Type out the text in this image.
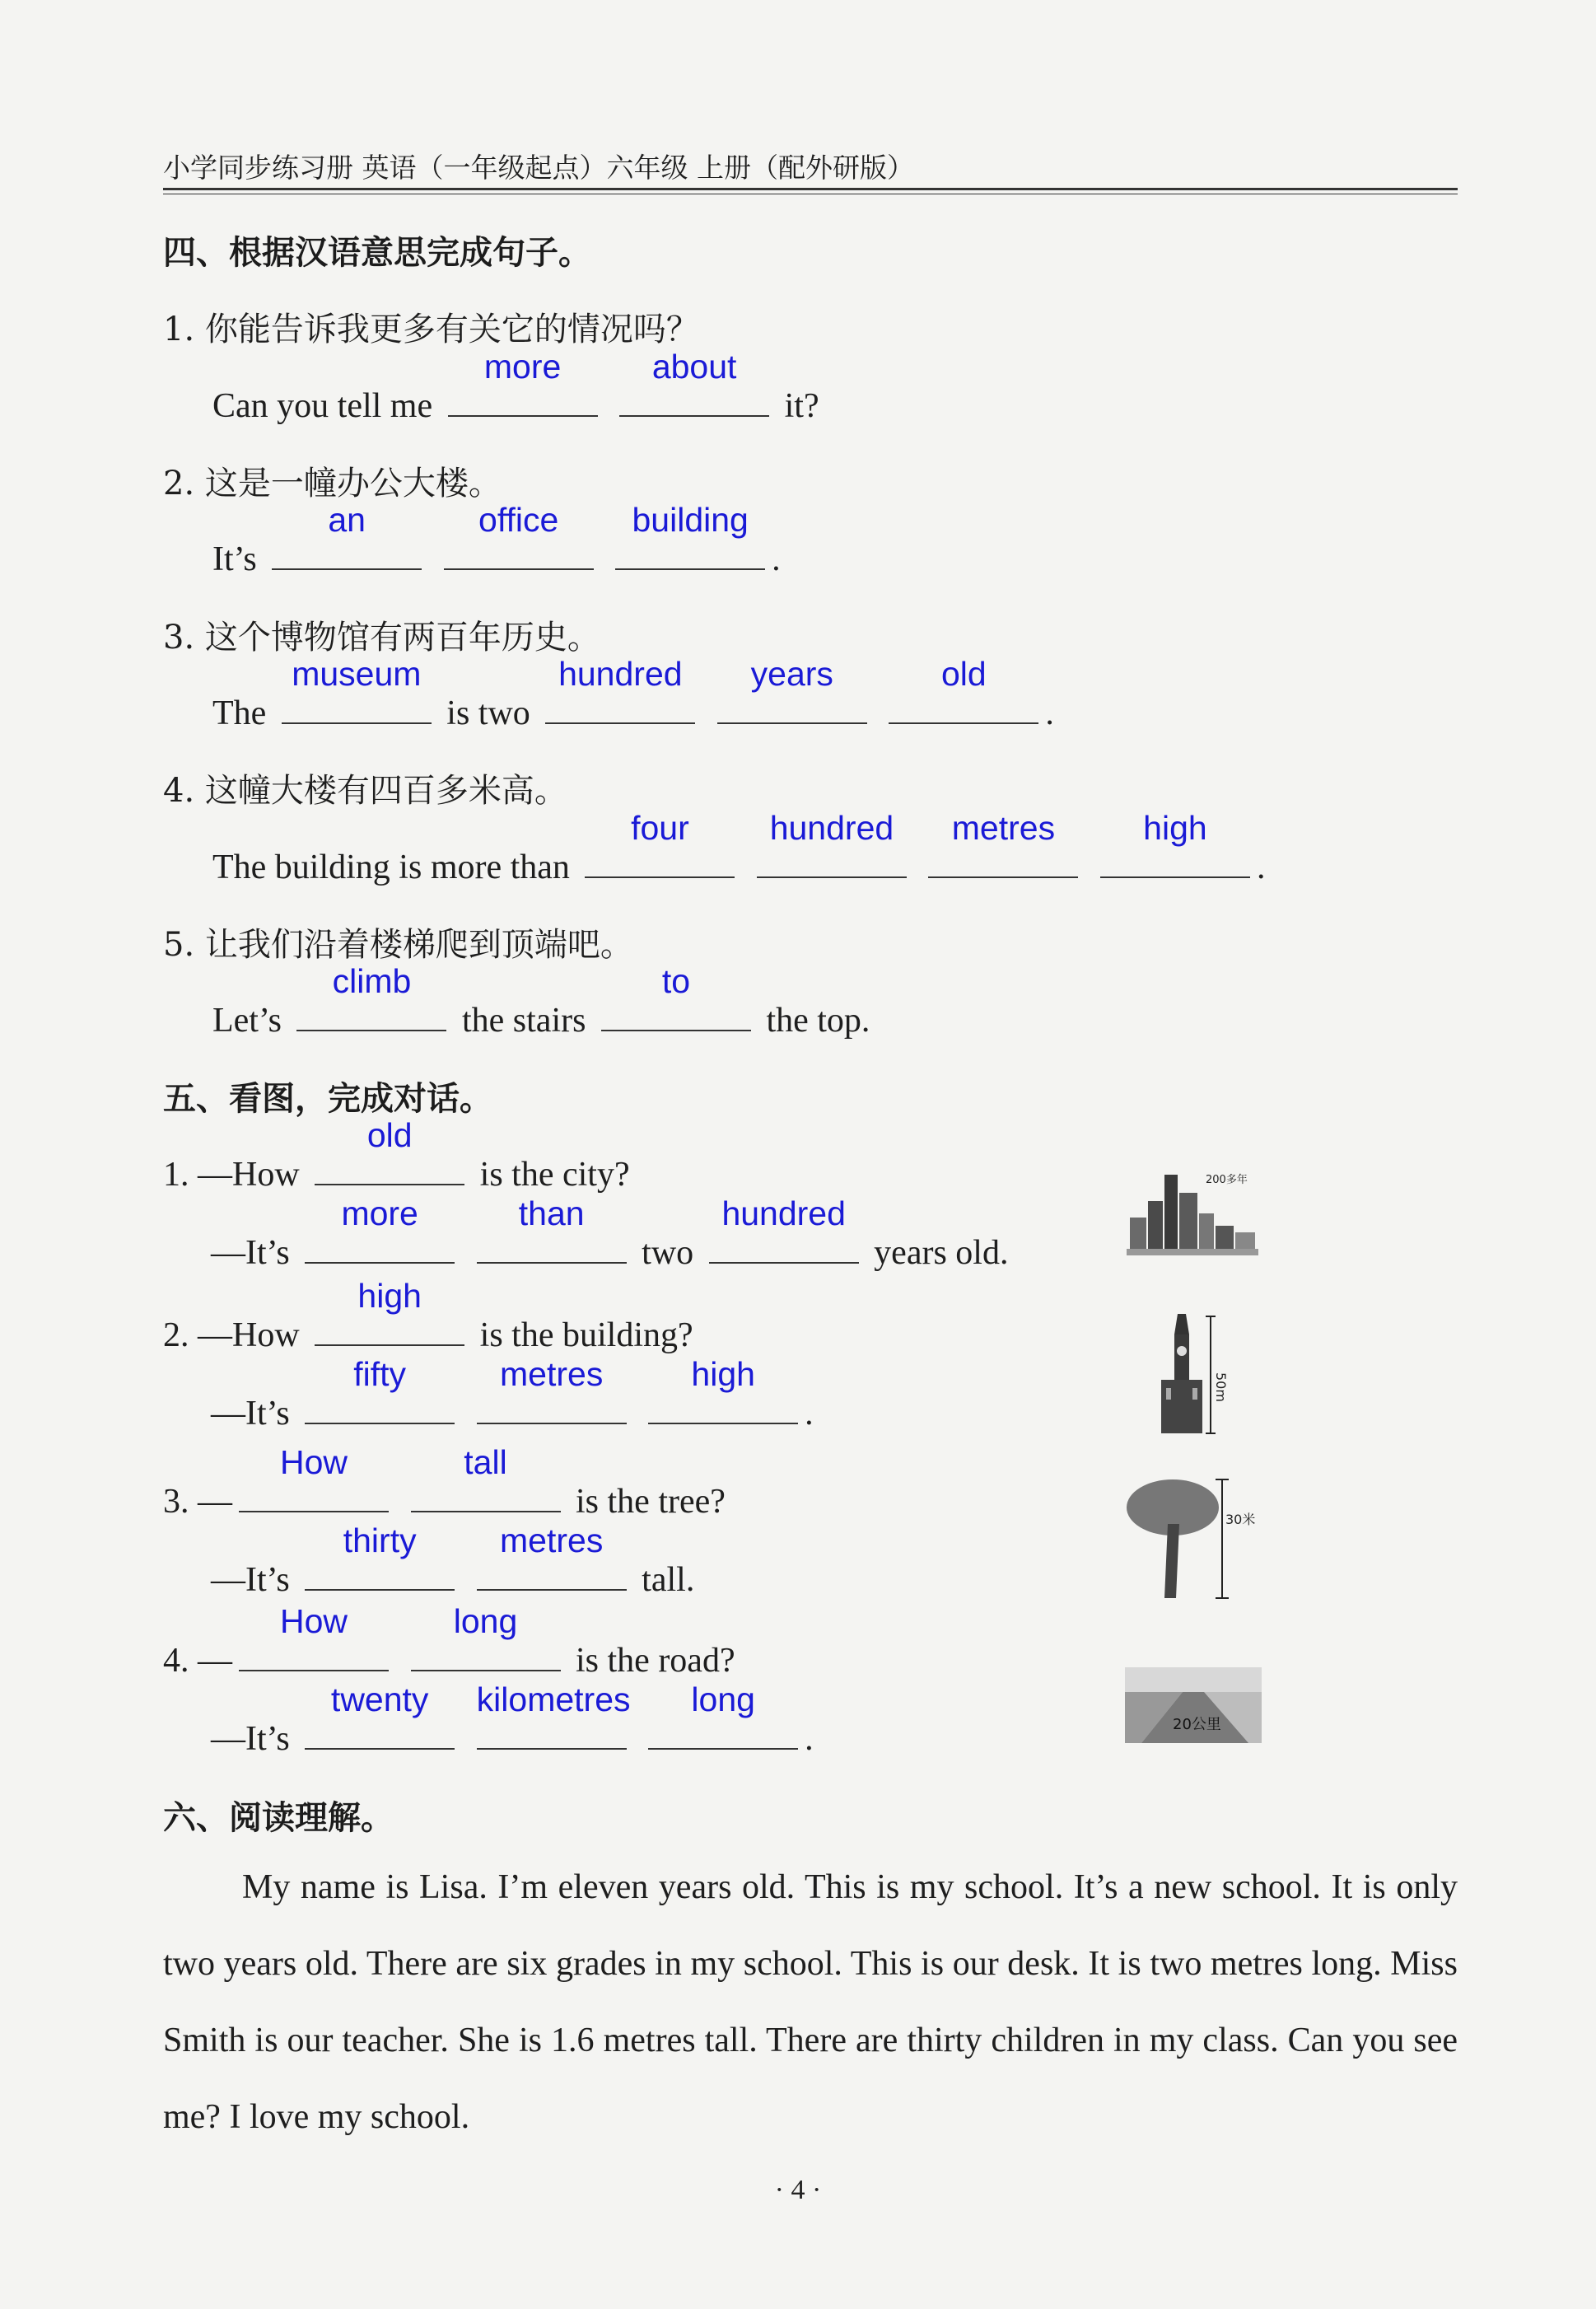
小学同步练习册 英语（一年级起点）六年级 上册（配外研版）
四、根据汉语意思完成句子。
1. 你能告诉我更多有关它的情况吗？
Can you tell me
more
	about
it?
2. 这是一幢办公大楼。
It’s
an
	office
	building
.
3. 这个博物馆有两百年历史。
The
museum
is two
hundred
	years
	old
.
4. 这幢大楼有四百多米高。
The building is more than
four
	hundred
	metres
	high
.
5. 让我们沿着楼梯爬到顶端吧。
Let’s
climb
the stairs
to
the top.
五、看图，完成对话。
1. —How
old
is the city?
—It’s
more
	than
two
hundred
years old.
2. —How
high
is the building?
—It’s
fifty
	metres
	high
.
3. —
How
	tall
is the tree?
—It’s
thirty
	metres
tall.
4. —
How
	long
is the road?
—It’s
twenty
	kilometres
	long
.
200多年
50m
30米
20公里
六、阅读理解。
My name is Lisa. I’m eleven years old. This is my school. It’s a new school. It is only two years old. There are six grades in my school. This is our desk. It is two metres long. Miss Smith is our teacher. She is 1.6 metres tall. There are thirty children in my class. Can you see me? I love my school.
· 4 ·
